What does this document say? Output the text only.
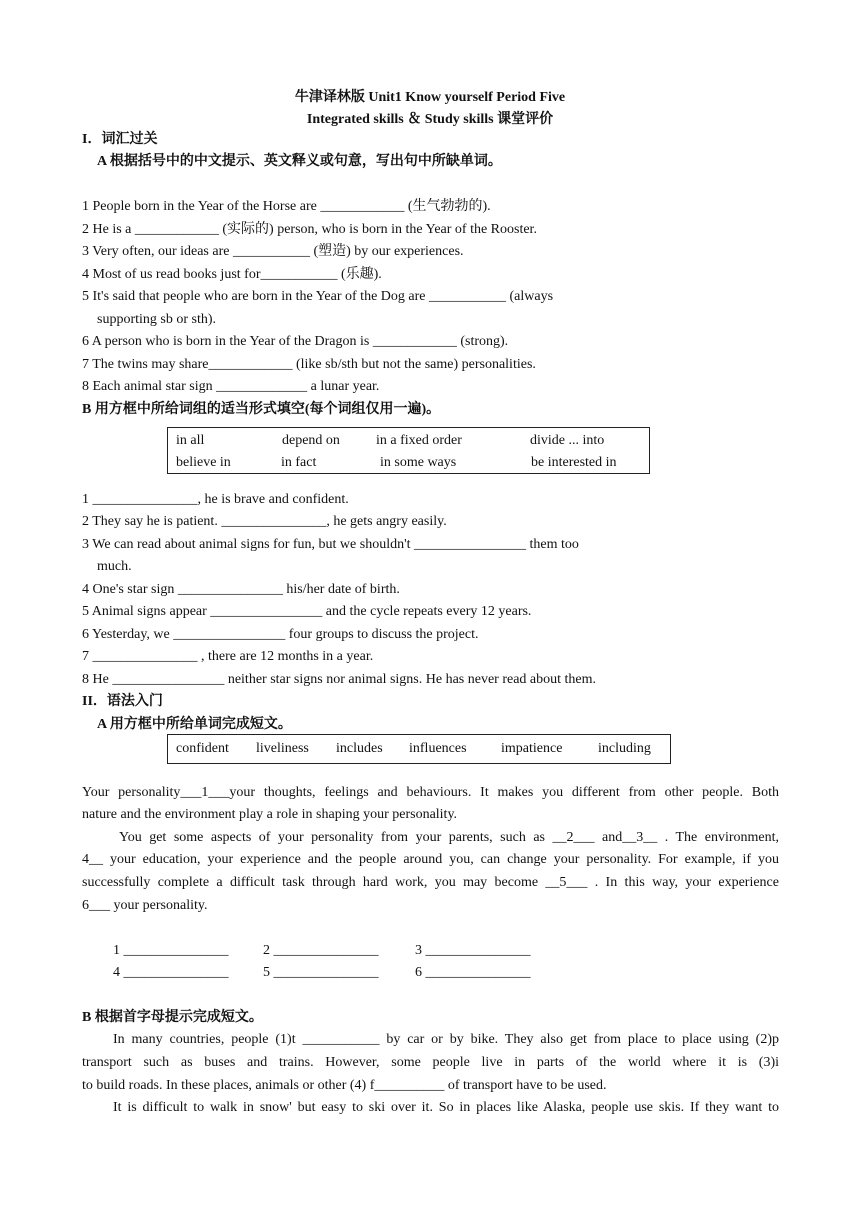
牛津译林版 Unit1 Know yourself Period Five
Integrated skills ＆ Study skills 课堂评价
I．词汇过关
A 根据括号中的中文提示、英文释义或句意，写出句中所缺单词。
1 People born in the Year of the Horse are ____________ (生气勃勃的).
2 He is a ____________ (实际的) person, who is born in the Year of the Rooster.
3 Very often, our ideas are ___________ (塑造) by our experiences.
4 Most of us read books just for___________ (乐趣).
5 It's said that people who are born in the Year of the Dog are ___________ (always
supporting sb or sth).
6 A person who is born in the Year of the Dragon is ____________ (strong).
7 The twins may share____________ (like sb/sth but not the same) personalities.
8 Each animal star sign _____________ a lunar year.
B 用方框中所给词组的适当形式填空(每个词组仅用一遍)。
in all	depend on	in a fixed order	divide ... into
believe in	in fact	in some ways	be interested in
1 _______________, he is brave and confident.
2 They say he is patient. _______________, he gets angry easily.
3 We can read about animal signs for fun, but we shouldn't ________________ them too
much.
4 One's star sign _______________ his/her date of birth.
5 Animal signs appear ________________ and the cycle repeats every 12 years.
6 Yesterday, we ________________ four groups to discuss the project.
7 _______________ , there are 12 months in a year.
8 He ________________ neither star signs nor animal signs. He has never read about them.
II．语法入门
A 用方框中所给单词完成短文。
confident liveliness includes influences impatience	including
Your personality___1___your thoughts, feelings and behaviours. It makes you different from other people. Both
nature and the environment play a role in shaping your personality.
You get some aspects of your personality from your parents, such as __2___ and__3__ . The environment,
4__ your education, your experience and the people around you, can change your personality. For example, if you
successfully complete a difficult task through hard work, you may become __5___ . In this way, your experience
6___ your personality.
1 _______________ 2 _______________	3 _______________
4 _______________ 5 _______________	6 _______________
B 根据首字母提示完成短文。
In many countries, people (1)t ___________ by car or by bike. They also get from place to place using (2)p
transport such as buses and trains. However, some people live in parts of the world where it is (3)i
to build roads. In these places, animals or other (4) f__________ of transport have to be used.
It is difficult to walk in snow' but easy to ski over it. So in places like Alaska, people use skis. If they want to
